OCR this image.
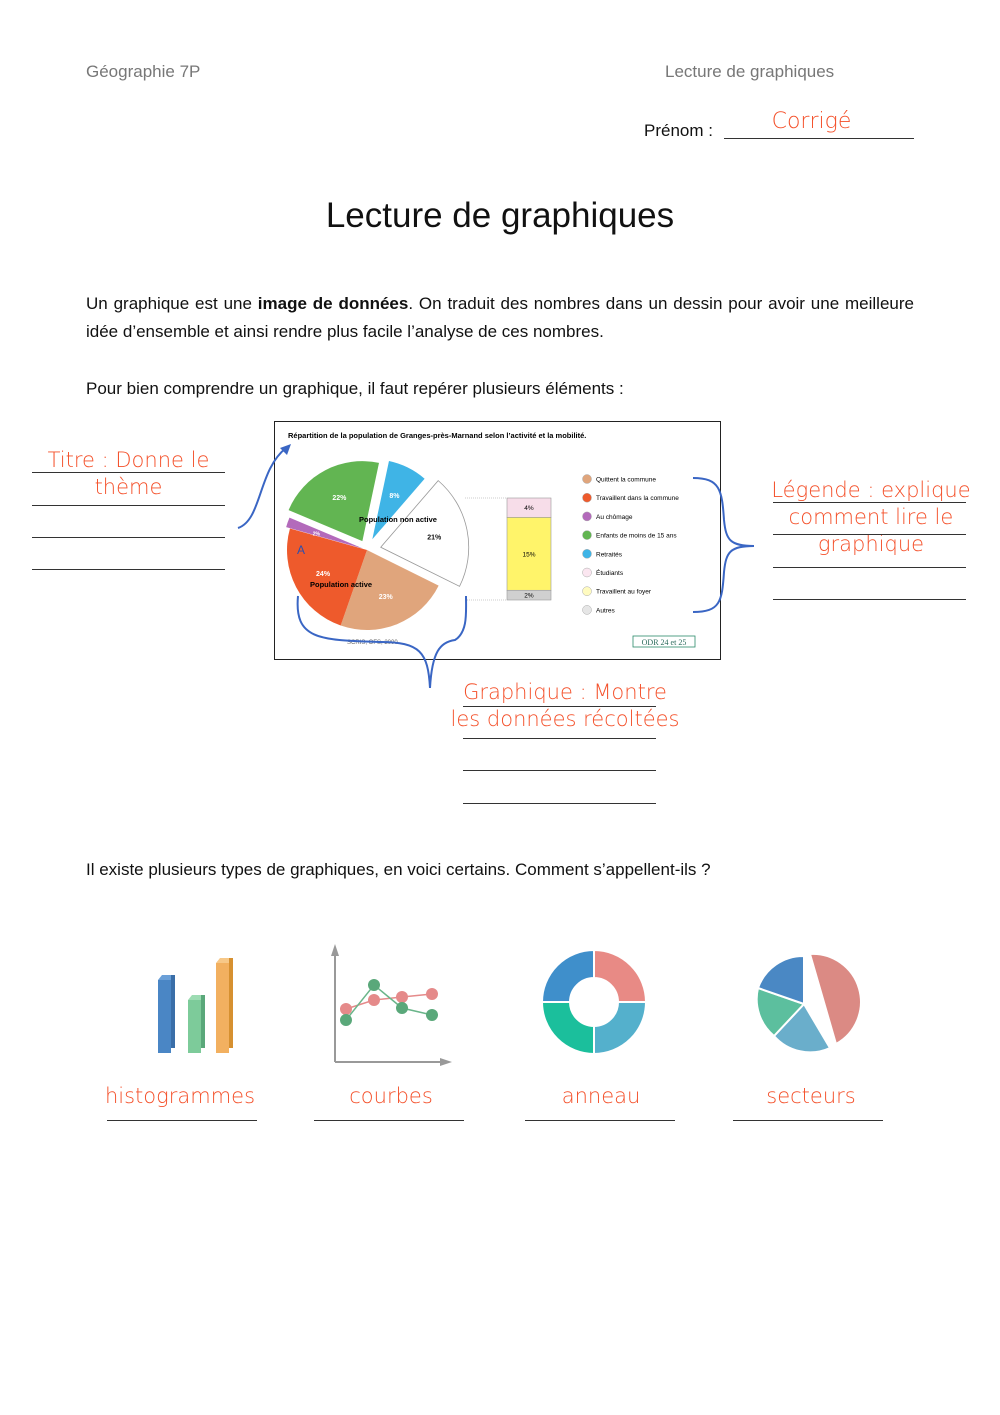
Géographie 7P	Lecture de graphiques
Prénom :	Corrigé
Lecture de graphiques
Un graphique est une image de données. On traduit des nombres dans un dessin pour avoir une meilleure idée d’ensemble et ainsi rendre plus facile l’analyse de ces nombres.
Pour bien comprendre un graphique, il faut repérer plusieurs éléments :
Titre : Donne le
thème	Légende : explique
comment lire le
graphique
Graphique : Montre
les données récoltées
Répartition de la population de Granges-près-Marnand selon l’activité et la mobilité.
8%
21%
23%
24%
2%
22%
Population non active
Population active
A
4%
15%
2%
Quittent la commune
Travaillent dans la commune
Au chômage
Enfants de moins de 15 ans
Retraités
Étudiants
Travaillent au foyer
Autres
SCRIS, OFS, 2000	ODR 24 et 25
Il existe plusieurs types de graphiques, en voici certains. Comment s’appellent-ils ?
histogrammes	courbes	anneau	secteurs
